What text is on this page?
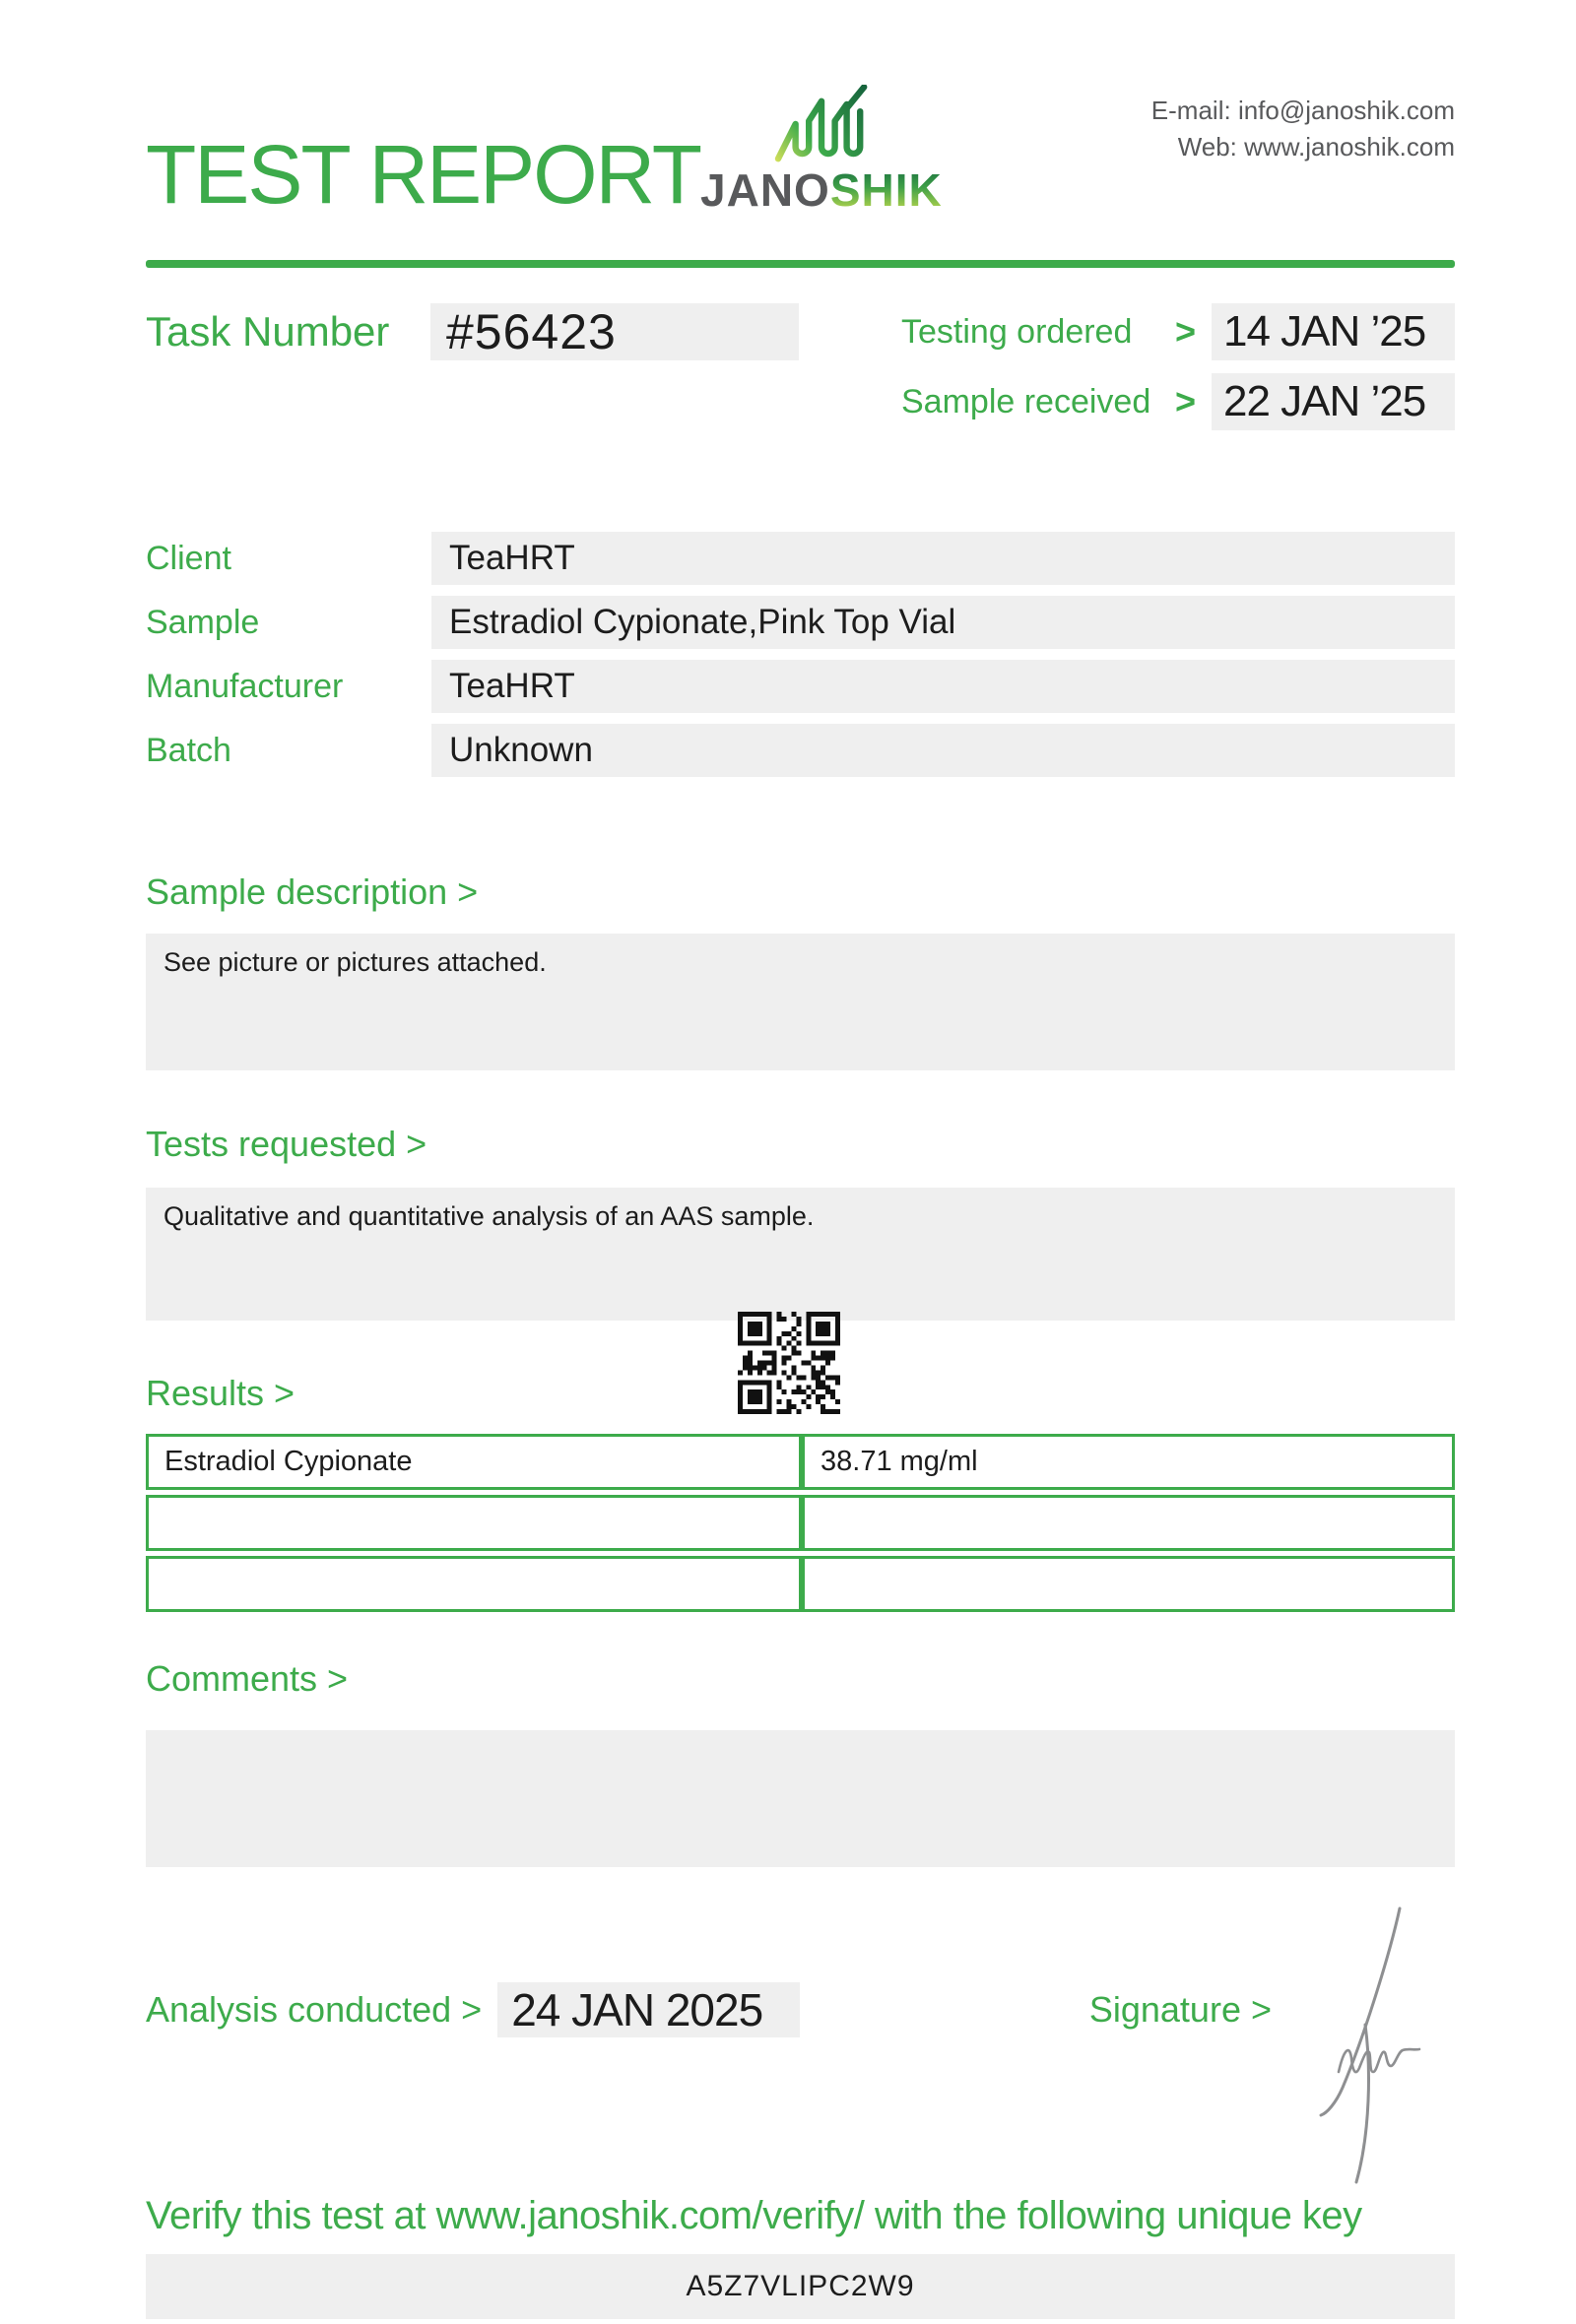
TEST REPORT JANOSHIK
E-mail: info@janoshik.com
Web: www.janoshik.com
Task Number	#56423	Testing ordered	> 14 JAN ’25
Sample received > 22 JAN ’25
Client	TeaHRT
Sample	Estradiol Cypionate,Pink Top Vial
Manufacturer	TeaHRT
Batch	Unknown
Sample description >
See picture or pictures attached.
Tests requested >
Qualitative and quantitative analysis of an AAS sample.
Results >
Estradiol Cypionate	38.71 mg/ml
Comments >
Analysis conducted > 24 JAN 2025	Signature >
Verify this test at www.janoshik.com/verify/ with the following unique key
A5Z7VLIPC2W9
